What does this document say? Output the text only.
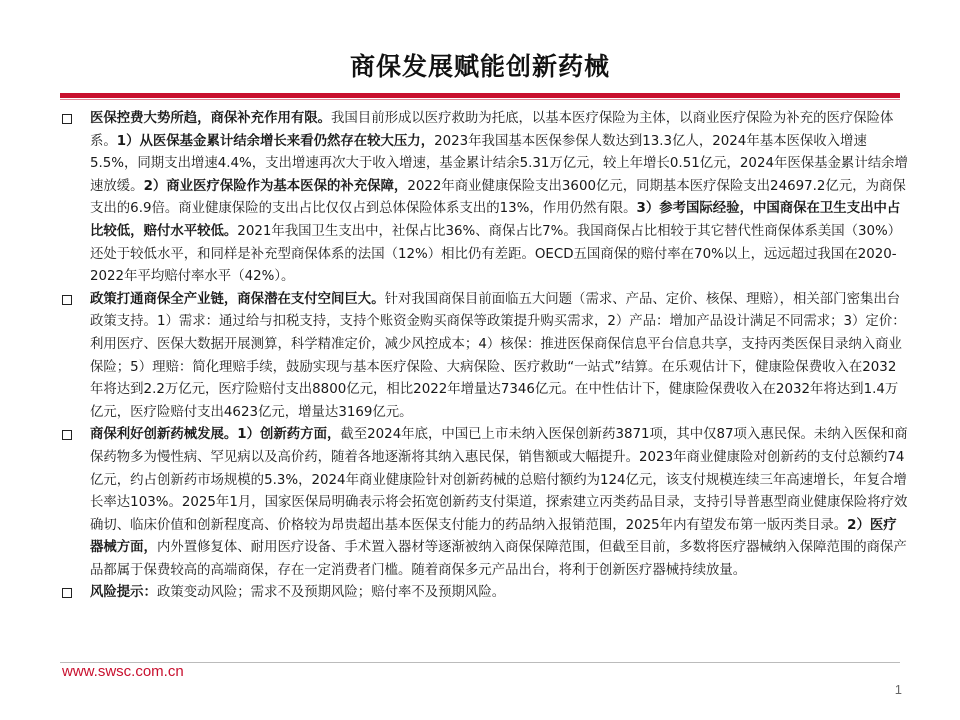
商保发展赋能创新药械
医保控费大势所趋，商保补充作用有限。我国目前形成以医疗救助为托底，以基本医疗保险为主体，以商业医疗保险为补充的医疗保险体系。1）从医保基金累计结余增长来看仍然存在较大压力，2023年我国基本医保参保人数达到13.3亿人，2024年基本医保收入增速5.5%，同期支出增速4.4%，支出增速再次大于收入增速，基金累计结余5.31万亿元，较上年增长0.51亿元，2024年医保基金累计结余增速放缓。2）商业医疗保险作为基本医保的补充保障，2022年商业健康保险支出3600亿元，同期基本医疗保险支出24697.2亿元，为商保支出的6.9倍。商业健康保险的支出占比仅仅占到总体保险体系支出的13%，作用仍然有限。3）参考国际经验，中国商保在卫生支出中占比较低，赔付水平较低。2021年我国卫生支出中，社保占比36%、商保占比7%。我国商保占比相较于其它替代性商保体系美国（30%）还处于较低水平，和同样是补充型商保体系的法国（12%）相比仍有差距。OECD五国商保的赔付率在70%以上，远远超过我国在2020-2022年平均赔付率水平（42%）。
政策打通商保全产业链，商保潜在支付空间巨大。针对我国商保目前面临五大问题（需求、产品、定价、核保、理赔），相关部门密集出台政策支持。1）需求：通过给与扣税支持，支持个账资金购买商保等政策提升购买需求，2）产品：增加产品设计满足不同需求；3）定价：利用医疗、医保大数据开展测算，科学精准定价，减少风控成本；4）核保：推进医保商保信息平台信息共享，支持丙类医保目录纳入商业保险；5）理赔：简化理赔手续，鼓励实现与基本医疗保险、大病保险、医疗救助“一站式”结算。在乐观估计下，健康险保费收入在2032年将达到2.2万亿元，医疗险赔付支出8800亿元，相比2022年增量达7346亿元。在中性估计下，健康险保费收入在2032年将达到1.4万亿元，医疗险赔付支出4623亿元，增量达3169亿元。
商保利好创新药械发展。1）创新药方面，截至2024年底，中国已上市未纳入医保创新药3871项，其中仅87项入惠民保。未纳入医保和商保药物多为慢性病、罕见病以及高价药，随着各地逐渐将其纳入惠民保，销售额或大幅提升。2023年商业健康险对创新药的支付总额约74亿元，约占创新药市场规模的5.3%，2024年商业健康险针对创新药械的总赔付额约为124亿元，该支付规模连续三年高速增长，年复合增长率达103%。2025年1月，国家医保局明确表示将会拓宽创新药支付渠道，探索建立丙类药品目录，支持引导普惠型商业健康保险将疗效确切、临床价值和创新程度高、价格较为昂贵超出基本医保支付能力的药品纳入报销范围，2025年内有望发布第一版丙类目录。2）医疗器械方面，内外置修复体、耐用医疗设备、手术置入器材等逐渐被纳入商保保障范围，但截至目前，多数将医疗器械纳入保障范围的商保产品都属于保费较高的高端商保，存在一定消费者门槛。随着商保多元产品出台，将利于创新医疗器械持续放量。
风险提示：政策变动风险；需求不及预期风险；赔付率不及预期风险。
www.swsc.com.cn
1
